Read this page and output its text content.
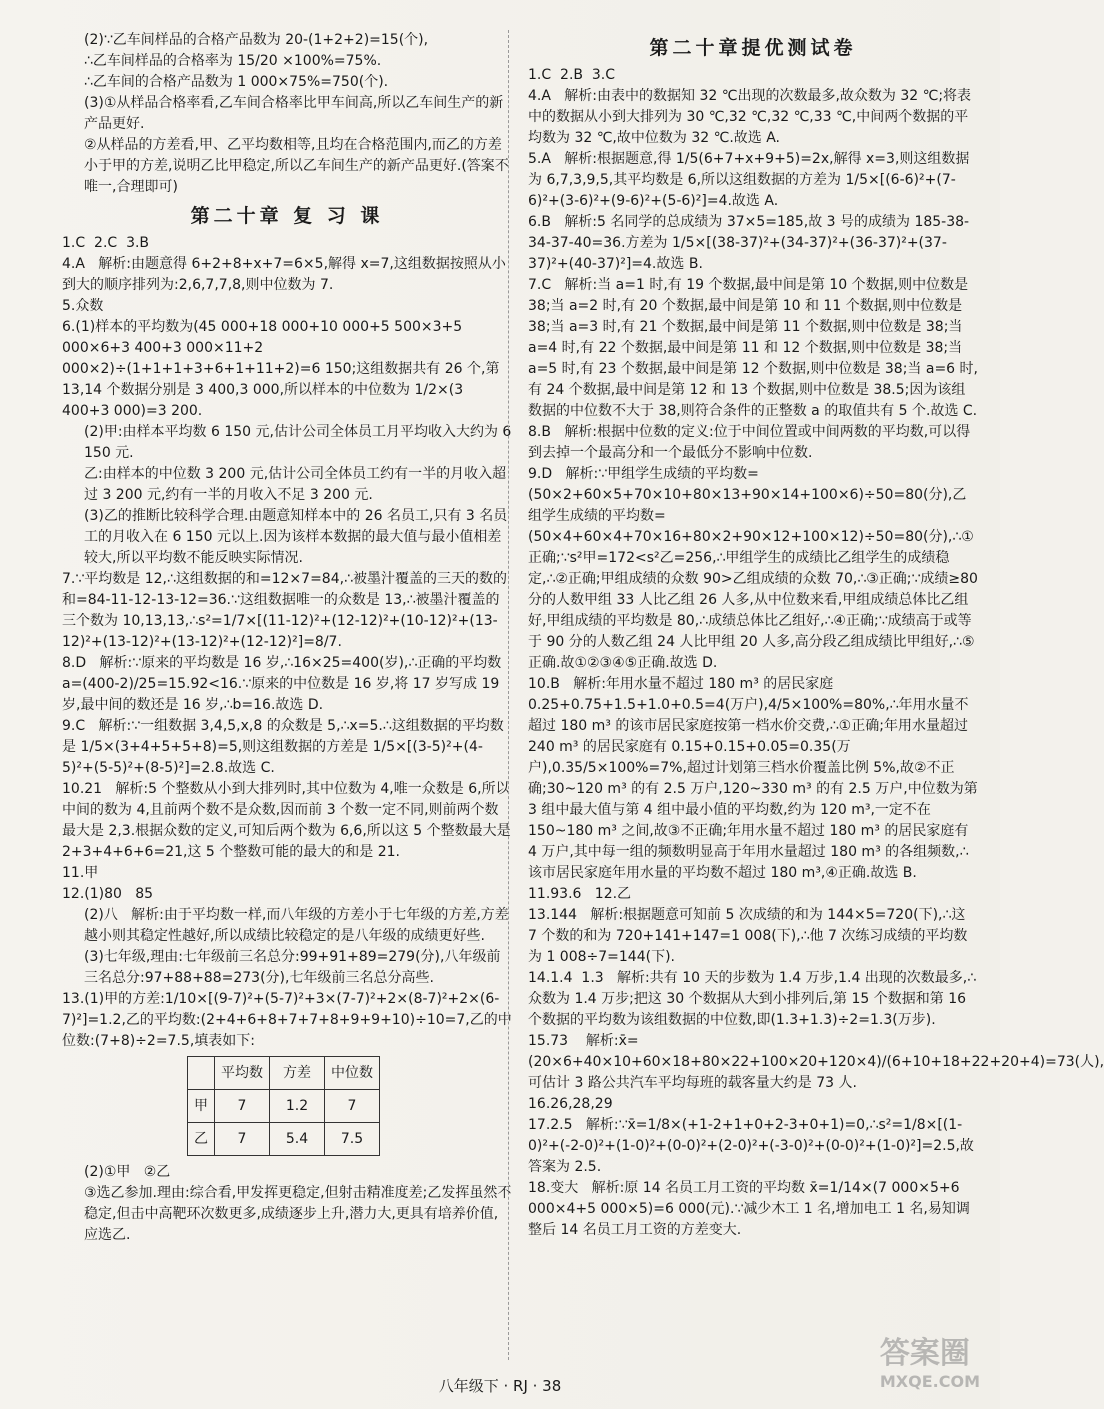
(2)∵乙车间样品的合格产品数为 20-(1+2+2)=15(个),

∴乙车间样品的合格率为 15/20 ×100%=75%.

∴乙车间的合格产品数为 1 000×75%=750(个).

(3)①从样品合格率看,乙车间合格率比甲车间高,所以乙车间生产的新产品更好.

②从样品的方差看,甲、乙平均数相等,且均在合格范围内,而乙的方差小于甲的方差,说明乙比甲稳定,所以乙车间生产的新产品更好.(答案不唯一,合理即可)

第二十章 复 习 课

1.C  2.C  3.B

4.A   解析:由题意得 6+2+8+x+7=6×5,解得 x=7,这组数据按照从小到大的顺序排列为:2,6,7,7,8,则中位数为 7.

5.众数

6.(1)样本的平均数为(45 000+18 000+10 000+5 500×3+5 000×6+3 400+3 000×11+2 000×2)÷(1+1+1+3+6+1+11+2)=6 150;这组数据共有 26 个,第 13,14 个数据分别是 3 400,3 000,所以样本的中位数为 1/2×(3 400+3 000)=3 200.

(2)甲:由样本平均数 6 150 元,估计公司全体员工月平均收入大约为 6 150 元.

乙:由样本的中位数 3 200 元,估计公司全体员工约有一半的月收入超过 3 200 元,约有一半的月收入不足 3 200 元.

(3)乙的推断比较科学合理.由题意知样本中的 26 名员工,只有 3 名员工的月收入在 6 150 元以上.因为该样本数据的最大值与最小值相差较大,所以平均数不能反映实际情况.

7.∵平均数是 12,∴这组数据的和=12×7=84,∴被墨汁覆盖的三天的数的和=84-11-12-13-12=36.∵这组数据唯一的众数是 13,∴被墨汁覆盖的三个数为 10,13,13,∴s²=1/7×[(11-12)²+(12-12)²+(10-12)²+(13-12)²+(13-12)²+(13-12)²+(12-12)²]=8/7.

8.D   解析:∵原来的平均数是 16 岁,∴16×25=400(岁),∴正确的平均数 a=(400-2)/25=15.92<16.∵原来的中位数是 16 岁,将 17 岁写成 19 岁,最中间的数还是 16 岁,∴b=16.故选 D.

9.C   解析:∵一组数据 3,4,5,x,8 的众数是 5,∴x=5.∴这组数据的平均数是 1/5×(3+4+5+5+8)=5,则这组数据的方差是 1/5×[(3-5)²+(4-5)²+(5-5)²+(8-5)²]=2.8.故选 C.

10.21   解析:5 个整数从小到大排列时,其中位数为 4,唯一众数是 6,所以中间的数为 4,且前两个数不是众数,因而前 3 个数一定不同,则前两个数最大是 2,3.根据众数的定义,可知后两个数为 6,6,所以这 5 个整数最大是 2+3+4+6+6=21,这 5 个整数可能的最大的和是 21.

11.甲

12.(1)80   85

(2)八   解析:由于平均数一样,而八年级的方差小于七年级的方差,方差越小则其稳定性越好,所以成绩比较稳定的是八年级的成绩更好些.

(3)七年级,理由:七年级前三名总分:99+91+89=279(分),八年级前三名总分:97+88+88=273(分),七年级前三名总分高些.

13.(1)甲的方差:1/10×[(9-7)²+(5-7)²+3×(7-7)²+2×(8-7)²+2×(6-7)²]=1.2,乙的平均数:(2+4+6+8+7+7+8+9+9+10)÷10=7,乙的中位数:(7+8)÷2=7.5,填表如下:

	平均数	方差	中位数
甲	7	1.2	7
乙	7	5.4	7.5

(2)①甲   ②乙

③选乙参加.理由:综合看,甲发挥更稳定,但射击精准度差;乙发挥虽然不稳定,但击中高靶环次数更多,成绩逐步上升,潜力大,更具有培养价值,应选乙.

第二十章提优测试卷

1.C  2.B  3.C

4.A   解析:由表中的数据知 32 ℃出现的次数最多,故众数为 32 ℃;将表中的数据从小到大排列为 30 ℃,32 ℃,32 ℃,33 ℃,中间两个数据的平均数为 32 ℃,故中位数为 32 ℃.故选 A.

5.A   解析:根据题意,得 1/5(6+7+x+9+5)=2x,解得 x=3,则这组数据为 6,7,3,9,5,其平均数是 6,所以这组数据的方差为 1/5×[(6-6)²+(7-6)²+(3-6)²+(9-6)²+(5-6)²]=4.故选 A.

6.B   解析:5 名同学的总成绩为 37×5=185,故 3 号的成绩为 185-38-34-37-40=36.方差为 1/5×[(38-37)²+(34-37)²+(36-37)²+(37-37)²+(40-37)²]=4.故选 B.

7.C   解析:当 a=1 时,有 19 个数据,最中间是第 10 个数据,则中位数是 38;当 a=2 时,有 20 个数据,最中间是第 10 和 11 个数据,则中位数是 38;当 a=3 时,有 21 个数据,最中间是第 11 个数据,则中位数是 38;当 a=4 时,有 22 个数据,最中间是第 11 和 12 个数据,则中位数是 38;当 a=5 时,有 23 个数据,最中间是第 12 个数据,则中位数是 38;当 a=6 时,有 24 个数据,最中间是第 12 和 13 个数据,则中位数是 38.5;因为该组数据的中位数不大于 38,则符合条件的正整数 a 的取值共有 5 个.故选 C.

8.B   解析:根据中位数的定义:位于中间位置或中间两数的平均数,可以得到去掉一个最高分和一个最低分不影响中位数.

9.D   解析:∵甲组学生成绩的平均数=(50×2+60×5+70×10+80×13+90×14+100×6)÷50=80(分),乙组学生成绩的平均数=(50×4+60×4+70×16+80×2+90×12+100×12)÷50=80(分),∴①正确;∵s²甲=172<s²乙=256,∴甲组学生的成绩比乙组学生的成绩稳定,∴②正确;甲组成绩的众数 90>乙组成绩的众数 70,∴③正确;∵成绩≥80 分的人数甲组 33 人比乙组 26 人多,从中位数来看,甲组成绩总体比乙组好,甲组成绩的平均数是 80,∴成绩总体比乙组好,∴④正确;∵成绩高于或等于 90 分的人数乙组 24 人比甲组 20 人多,高分段乙组成绩比甲组好,∴⑤正确.故①②③④⑤正确.故选 D.

10.B   解析:年用水量不超过 180 m³ 的居民家庭 0.25+0.75+1.5+1.0+0.5=4(万户),4/5×100%=80%,∴年用水量不超过 180 m³ 的该市居民家庭按第一档水价交费,∴①正确;年用水量超过 240 m³ 的居民家庭有 0.15+0.15+0.05=0.35(万户),0.35/5×100%=7%,超过计划第三档水价覆盖比例 5%,故②不正确;30~120 m³ 的有 2.5 万户,120~330 m³ 的有 2.5 万户,中位数为第 3 组中最大值与第 4 组中最小值的平均数,约为 120 m³,一定不在 150~180 m³ 之间,故③不正确;年用水量不超过 180 m³ 的居民家庭有 4 万户,其中每一组的频数明显高于年用水量超过 180 m³ 的各组频数,∴该市居民家庭年用水量的平均数不超过 180 m³,④正确.故选 B.

11.93.6   12.乙

13.144   解析:根据题意可知前 5 次成绩的和为 144×5=720(下),∴这 7 个数的和为 720+141+147=1 008(下),∴他 7 次练习成绩的平均数为 1 008÷7=144(下).

14.1.4  1.3   解析:共有 10 天的步数为 1.4 万步,1.4 出现的次数最多,∴众数为 1.4 万步;把这 30 个数据从大到小排列后,第 15 个数据和第 16 个数据的平均数为该组数据的中位数,即(1.3+1.3)÷2=1.3(万步).

15.73    解析:x̄=(20×6+40×10+60×18+80×22+100×20+120×4)/(6+10+18+22+20+4)=73(人),可估计 3 路公共汽车平均每班的载客量大约是 73 人.

16.26,28,29

17.2.5   解析:∵x̄=1/8×(+1-2+1+0+2-3+0+1)=0,∴s²=1/8×[(1-0)²+(-2-0)²+(1-0)²+(0-0)²+(2-0)²+(-3-0)²+(0-0)²+(1-0)²]=2.5,故答案为 2.5.

18.变大   解析:原 14 名员工月工资的平均数 x̄=1/14×(7 000×5+6 000×4+5 000×5)=6 000(元).∵减少木工 1 名,增加电工 1 名,易知调整后 14 名员工月工资的方差变大.

八年级下 · RJ · 38
答案圈
MXQE.COM
